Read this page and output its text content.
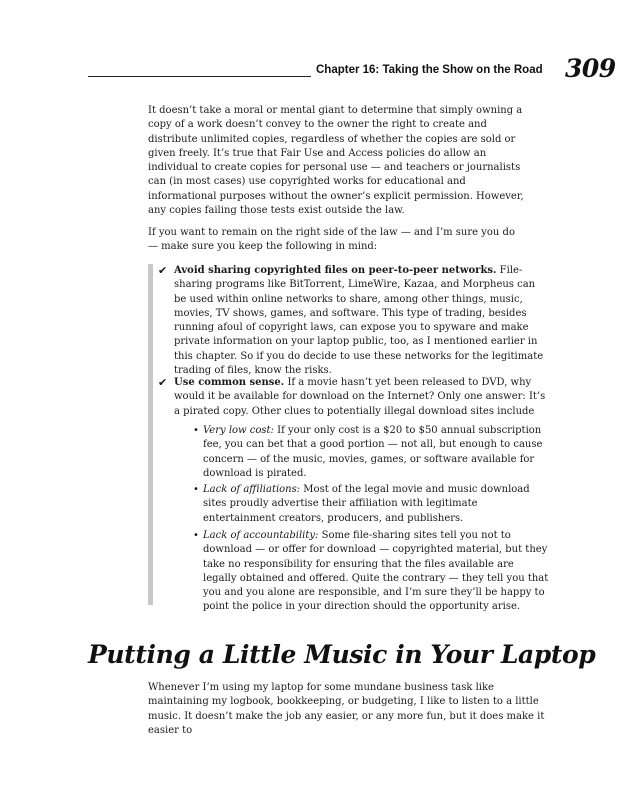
Chapter 16: Taking the Show on the Road 309

It doesn’t take a moral or mental giant to determine that simply owning a copy of a work doesn’t convey to the owner the right to create and distribute unlimited copies, regardless of whether the copies are sold or given freely. It’s true that Fair Use and Access policies do allow an individual to create copies for personal use — and teachers or journalists can (in most cases) use copyrighted works for educational and informational purposes without the owner’s explicit permission. However, any copies failing those tests exist outside the law.

If you want to remain on the right side of the law — and I’m sure you do — make sure you keep the following in mind:

✔ Avoid sharing copyrighted files on peer-to-peer networks. File-sharing programs like BitTorrent, LimeWire, Kazaa, and Morpheus can be used within online networks to share, among other things, music, movies, TV shows, games, and software. This type of trading, besides running afoul of copyright laws, can expose you to spyware and make private information on your laptop public, too, as I mentioned earlier in this chapter. So if you do decide to use these networks for the legitimate trading of files, know the risks.
✔ Use common sense. If a movie hasn’t yet been released to DVD, why would it be available for download on the Internet? Only one answer: It’s a pirated copy. Other clues to potentially illegal download sites include
• Very low cost: If your only cost is a $20 to $50 annual subscription fee, you can bet that a good portion — not all, but enough to cause concern — of the music, movies, games, or software available for download is pirated.
• Lack of affiliations: Most of the legal movie and music download sites proudly advertise their affiliation with legitimate entertainment creators, producers, and publishers.
• Lack of accountability: Some file-sharing sites tell you not to download — or offer for download — copyrighted material, but they take no responsibility for ensuring that the files available are legally obtained and offered. Quite the contrary — they tell you that you and you alone are responsible, and I’m sure they’ll be happy to point the police in your direction should the opportunity arise.
Putting a Little Music in Your Laptop

Whenever I’m using my laptop for some mundane business task like maintaining my logbook, bookkeeping, or budgeting, I like to listen to a little music. It doesn’t make the job any easier, or any more fun, but it does make it easier to
